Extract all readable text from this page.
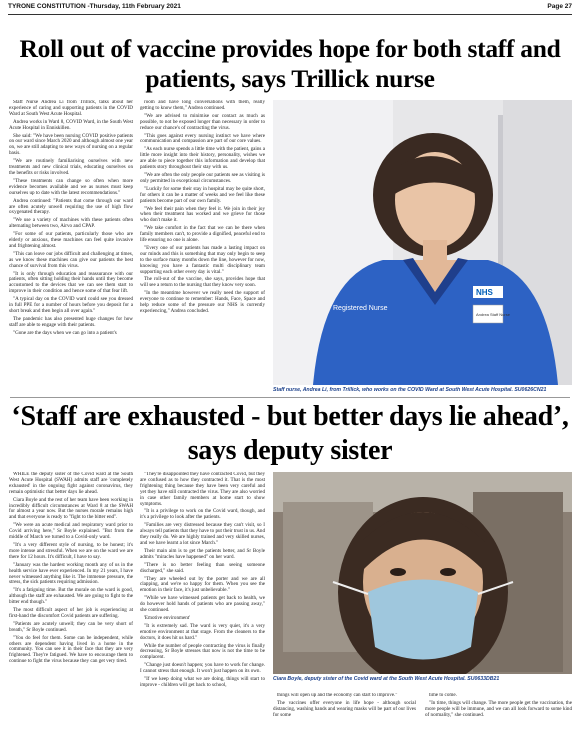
TYRONE CONSTITUTION -Thursday, 11th February 2021	Page 27
Roll out of vaccine provides hope for both staff and patients, says Trillick nurse

Staff Nurse Andrea Li from Trillick, talks about her experience of caring and supporting patients in the COVID Ward at South West Acute Hospital.

Andrea works in Ward 8, COVID Ward, in the South West Acute Hospital in Enniskillen.

She said: "We have been nursing COVID positive patients on our ward since March 2020 and although almost one year on, we are still adapting to new ways of nursing on a regular basis.

"We are routinely familiarising ourselves with new treatments and new clinical trials, educating ourselves on the benefits or risks involved.

"These treatments can change so often when more evidence becomes available and we as nurses must keep ourselves up to date with the latest recommendations."

Andrea continued: "Patients that come through our ward are often acutely unwell requiring the use of high flow oxygenated therapy.

"We use a variety of machines with these patients often alternating between two, Airvo and CPAP.

"For some of our patients, particularly those who are elderly or anxious, these machines can feel quite invasive and frightening almost.

"This can leave our jobs difficult and challenging at times, as we know these machines can give our patients the best chance of survival from this virus.

"It is only through education and reassurance with our patients, often sitting holding their hands until they become accustomed to the devices that we can see them start to improve in their condition and hence some of that fear lift.

"A typical day on the COVID ward could see you dressed in full PPE for a number of hours before you deposit for a short break and then begin all over again."

The pandemic has also presented huge changes for how staff are able to engage with their patients.

"Gone are the days when we can go into a patient's

room and have long conversations with them, really getting to know them," Andrea continued.

"We are advised to minimise our contact as much as possible, to not be exposed longer than necessary in order to reduce our chance's of contracting the virus.

"This goes against every nursing instinct we have where communication and compassion are part of our core values.

"As each nurse spends a little time with the patient, gains a little more insight into their history, personality, wishes we are able to piece together this information and develop that patients story throughout their stay with us.

"We are often the only people our patients see as visiting is only permitted in exceptional circumstances.

"Luckily for some their stay in hospital may be quite short, for others it can be a matter of weeks and we feel like these patients become part of our own family.

"We feel their pain when they feel it. We join in their joy when their treatment has worked and we grieve for those who don't make it.

"We take comfort in the fact that we can be there when family members can't, to provide a dignified, peaceful end to life ensuring no one is alone.

"Every one of our patients has made a lasting impact on our minds and this is something that may only begin to seep to the surface many months down the line, however for now, knowing you have a fantastic multi disciplinary team supporting each other every day is vital."

The roll-out of the vaccine, she says, provides hope that will see a return to the nursing that they know very soon.

"In the meantime however we really need the support of everyone to continue to remember: Hands, Face, Space and help reduce some of the pressure our NHS is currently experiencing," Andrea concluded.	Registered Nurse
NHS
Andrea Staff Nurse
Staff nurse, Andrea Li, from Trillick, who works on the COVID Ward at South West Acute Hospital. SU0626CN21
‘Staff are exhausted - but better days lie ahead’, says deputy sister

WHILE the deputy sister of the Covid ward at the South West Acute Hospital (SWAH) admits staff are 'completely exhausted' in the ongoing fight against coronavirus, they remain optimistic that better days lie ahead.

Ciara Boyle and the rest of her team have been working in incredibly difficult circumstances at Ward 8 at the SWAH for almost a year now. But the nurses morale remains high and that everyone is ready to "fight to the bitter end".

"We were an acute medical and respiratory ward prior to Covid arriving here," Sr Boyle explained. "But from the middle of March we turned to a Covid-only ward.

"It's a very different style of nursing, to be honest; it's more intense and stressful. When we are on the ward we are there for 12 hours. It's difficult, I have to say.

"January was the hardest working month any of us in the health service have ever experienced. In my 21 years, I have never witnessed anything like it. The immense pressure, the stress, the sick patients requiring admission.

"It's a fatiguing time. But the morale on the ward is good, although the staff are exhausted. We are going to fight to the bitter end though."

The most difficult aspect of her job is experiencing at first-hand the discomfort Covid patients are suffering.

"Patients are acutely unwell; they can be very short of breath," Sr Boyle continued.

"You do feel for them. Some can be independent, while others are dependent having lived in a home in the community. You can see it in their face that they are very frightened. They're fatigued. We have to encourage them to continue to fight the virus because they can get very tired.

"They're disappointed they have contracted Covid, but they are confused as to how they contracted it. That is the most frightening thing because they have been very careful and yet they have still contracted the virus. They are also worried in case other family members at home start to show symptoms.

"It is a privilege to work on the Covid ward, though, and it's a privilege to look after the patients.

"Families are very distressed because they can't visit, so I always tell patients that they have to put their trust in us. And they really do. We are highly trained and very skilled nurses, and we have learnt a lot since March."

Their main aim is to get the patients better, and Sr Boyle admits "miracles have happened" on her ward.

"There is no better feeling than seeing someone discharged," she said.

"They are wheeled out by the porter and we are all clapping, and we're so happy for them. When you see the emotion in their face, it's just unbelievable."

"While we have witnessed patients get back to health, we do however hold hands of patients who are passing away," she continued.

'Emotive environment'

"It is extremely sad. The ward is very quiet, it's a very emotive environment at that stage. From the cleaners to the doctors, it does hit us hard."

While the number of people contracting the virus is finally decreasing, Sr Boyle stresses that now is not the time to be complacent.

"Change just doesn't happen; you have to work for change. I cannot stress that enough. It won't just happen on its own.

"If we keep doing what we are doing, things will start to improve - children will get back to school,

Ciara Boyle, deputy sister of the Covid ward at the South West Acute Hospital. SU0633DB21

things will open up and the economy can start to improve."

The vaccines offer everyone in life hope - although social distancing, washing hands and wearing masks will be part of our lives for some

time to come.

"In time, things will change. The more people get the vaccination, the more people will be immune, and we can all look forward to some kind of normality," she continued.
